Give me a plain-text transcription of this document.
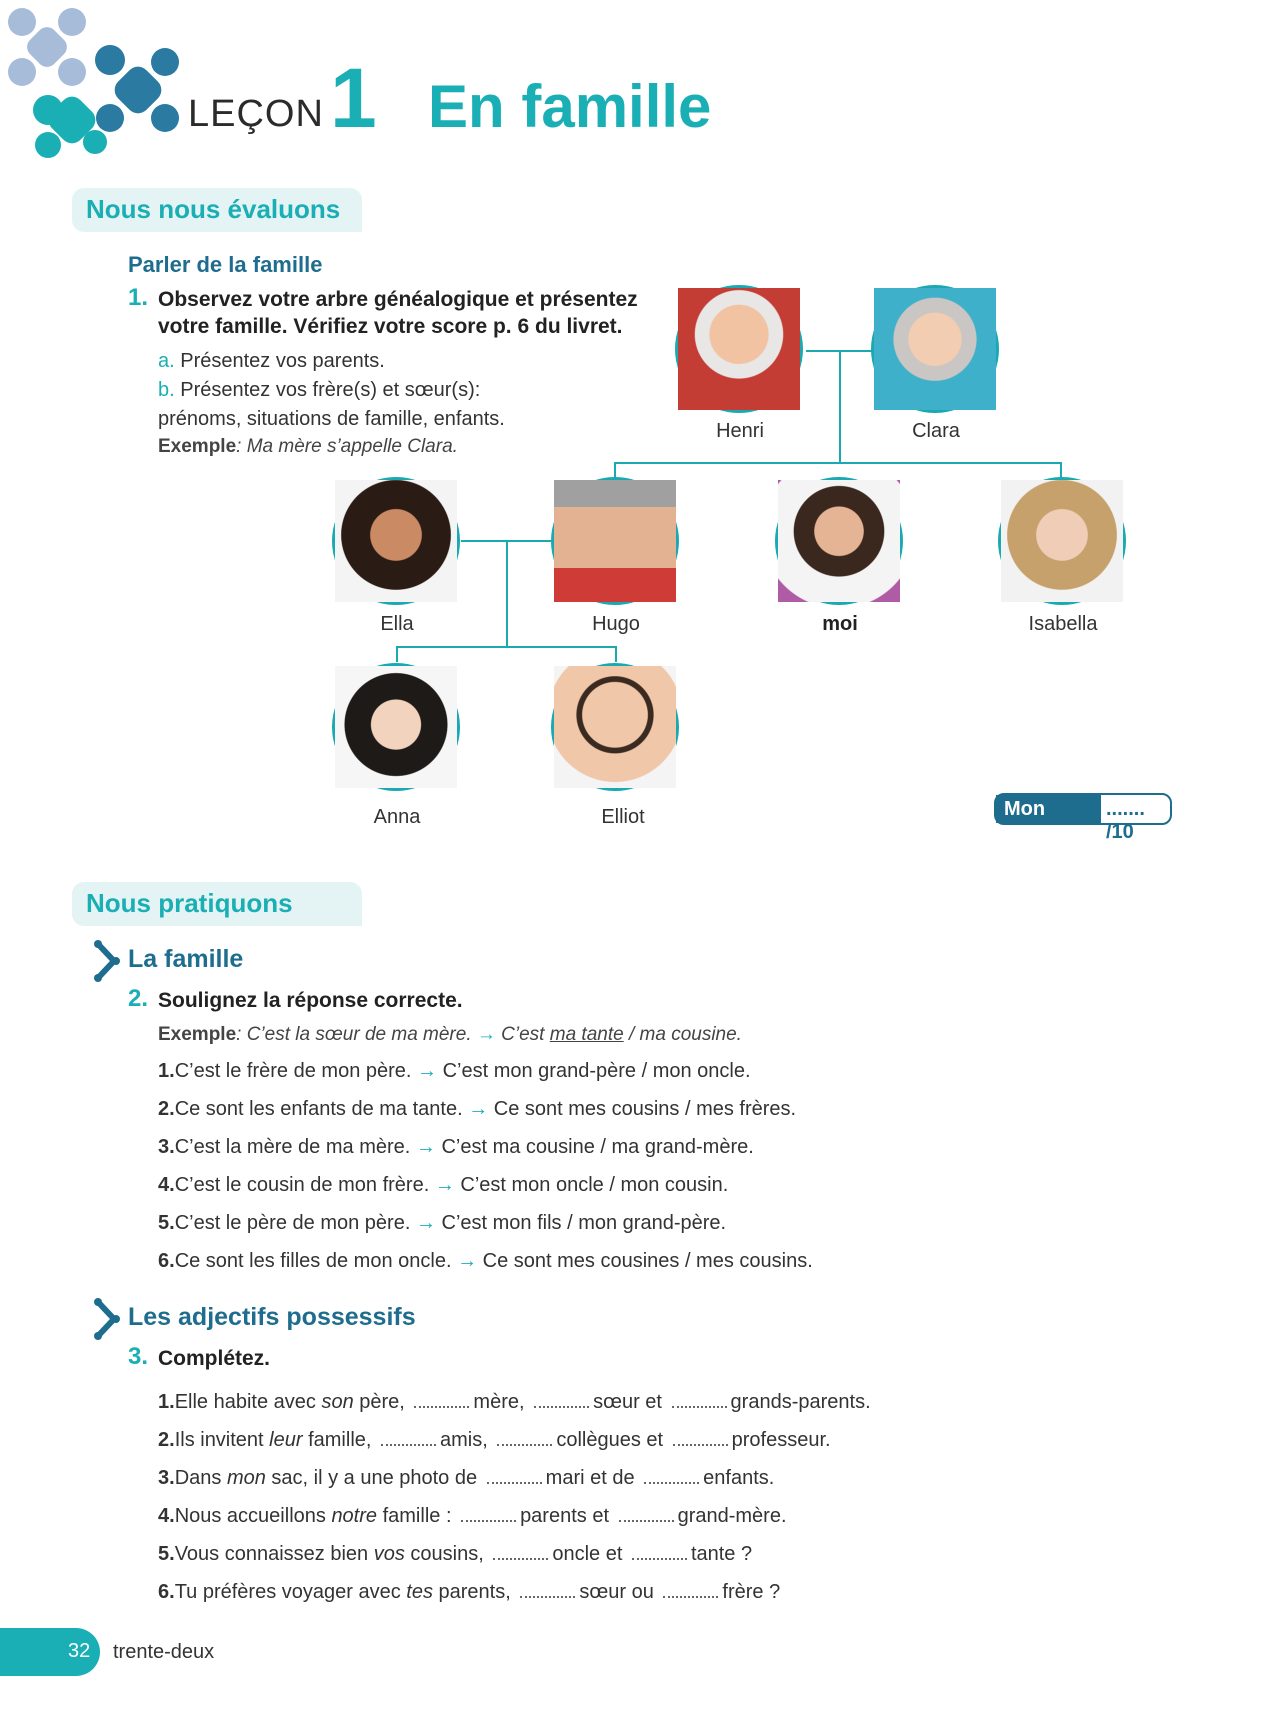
LEÇON 1 En famille
Nous nous évaluons
Parler de la famille
1. Observez votre arbre généalogique et présentez
votre famille. Vérifiez votre score p. 6 du livret.
a. Présentez vos parents.
b. Présentez vos frère(s) et sœur(s):
prénoms, situations de famille, enfants.
Exemple: Ma mère s’appelle Clara.
Henri	Clara
Ella	Hugo	moi	Isabella
Anna	Elliot	Mon score
....... /10
Nous pratiquons
La famille
2. Soulignez la réponse correcte.
Exemple: C’est la sœur de ma mère. → C’est ma tante / ma cousine.
1.C’est le frère de mon père. → C’est mon grand-père / mon oncle.
2.Ce sont les enfants de ma tante. → Ce sont mes cousins / mes frères.
3.C’est la mère de ma mère. → C’est ma cousine / ma grand-mère.
4.C’est le cousin de mon frère. → C’est mon oncle / mon cousin.
5.C’est le père de mon père. → C’est mon fils / mon grand-père.
6.Ce sont les filles de mon oncle. → Ce sont mes cousines / mes cousins.
Les adjectifs possessifs
3. Complétez.
1.Elle habite avec son père,	mère,	sœur et	grands-parents.
2.Ils invitent leur famille,	amis,	collègues et	professeur.
3.Dans mon sac, il y a une photo de	mari et de	enfants.
4.Nous accueillons notre famille :	parents et	grand-mère.
5.Vous connaissez bien vos cousins,	oncle et	tante ?
6.Tu préfères voyager avec tes parents,	sœur ou	frère ?
32 trente-deux
